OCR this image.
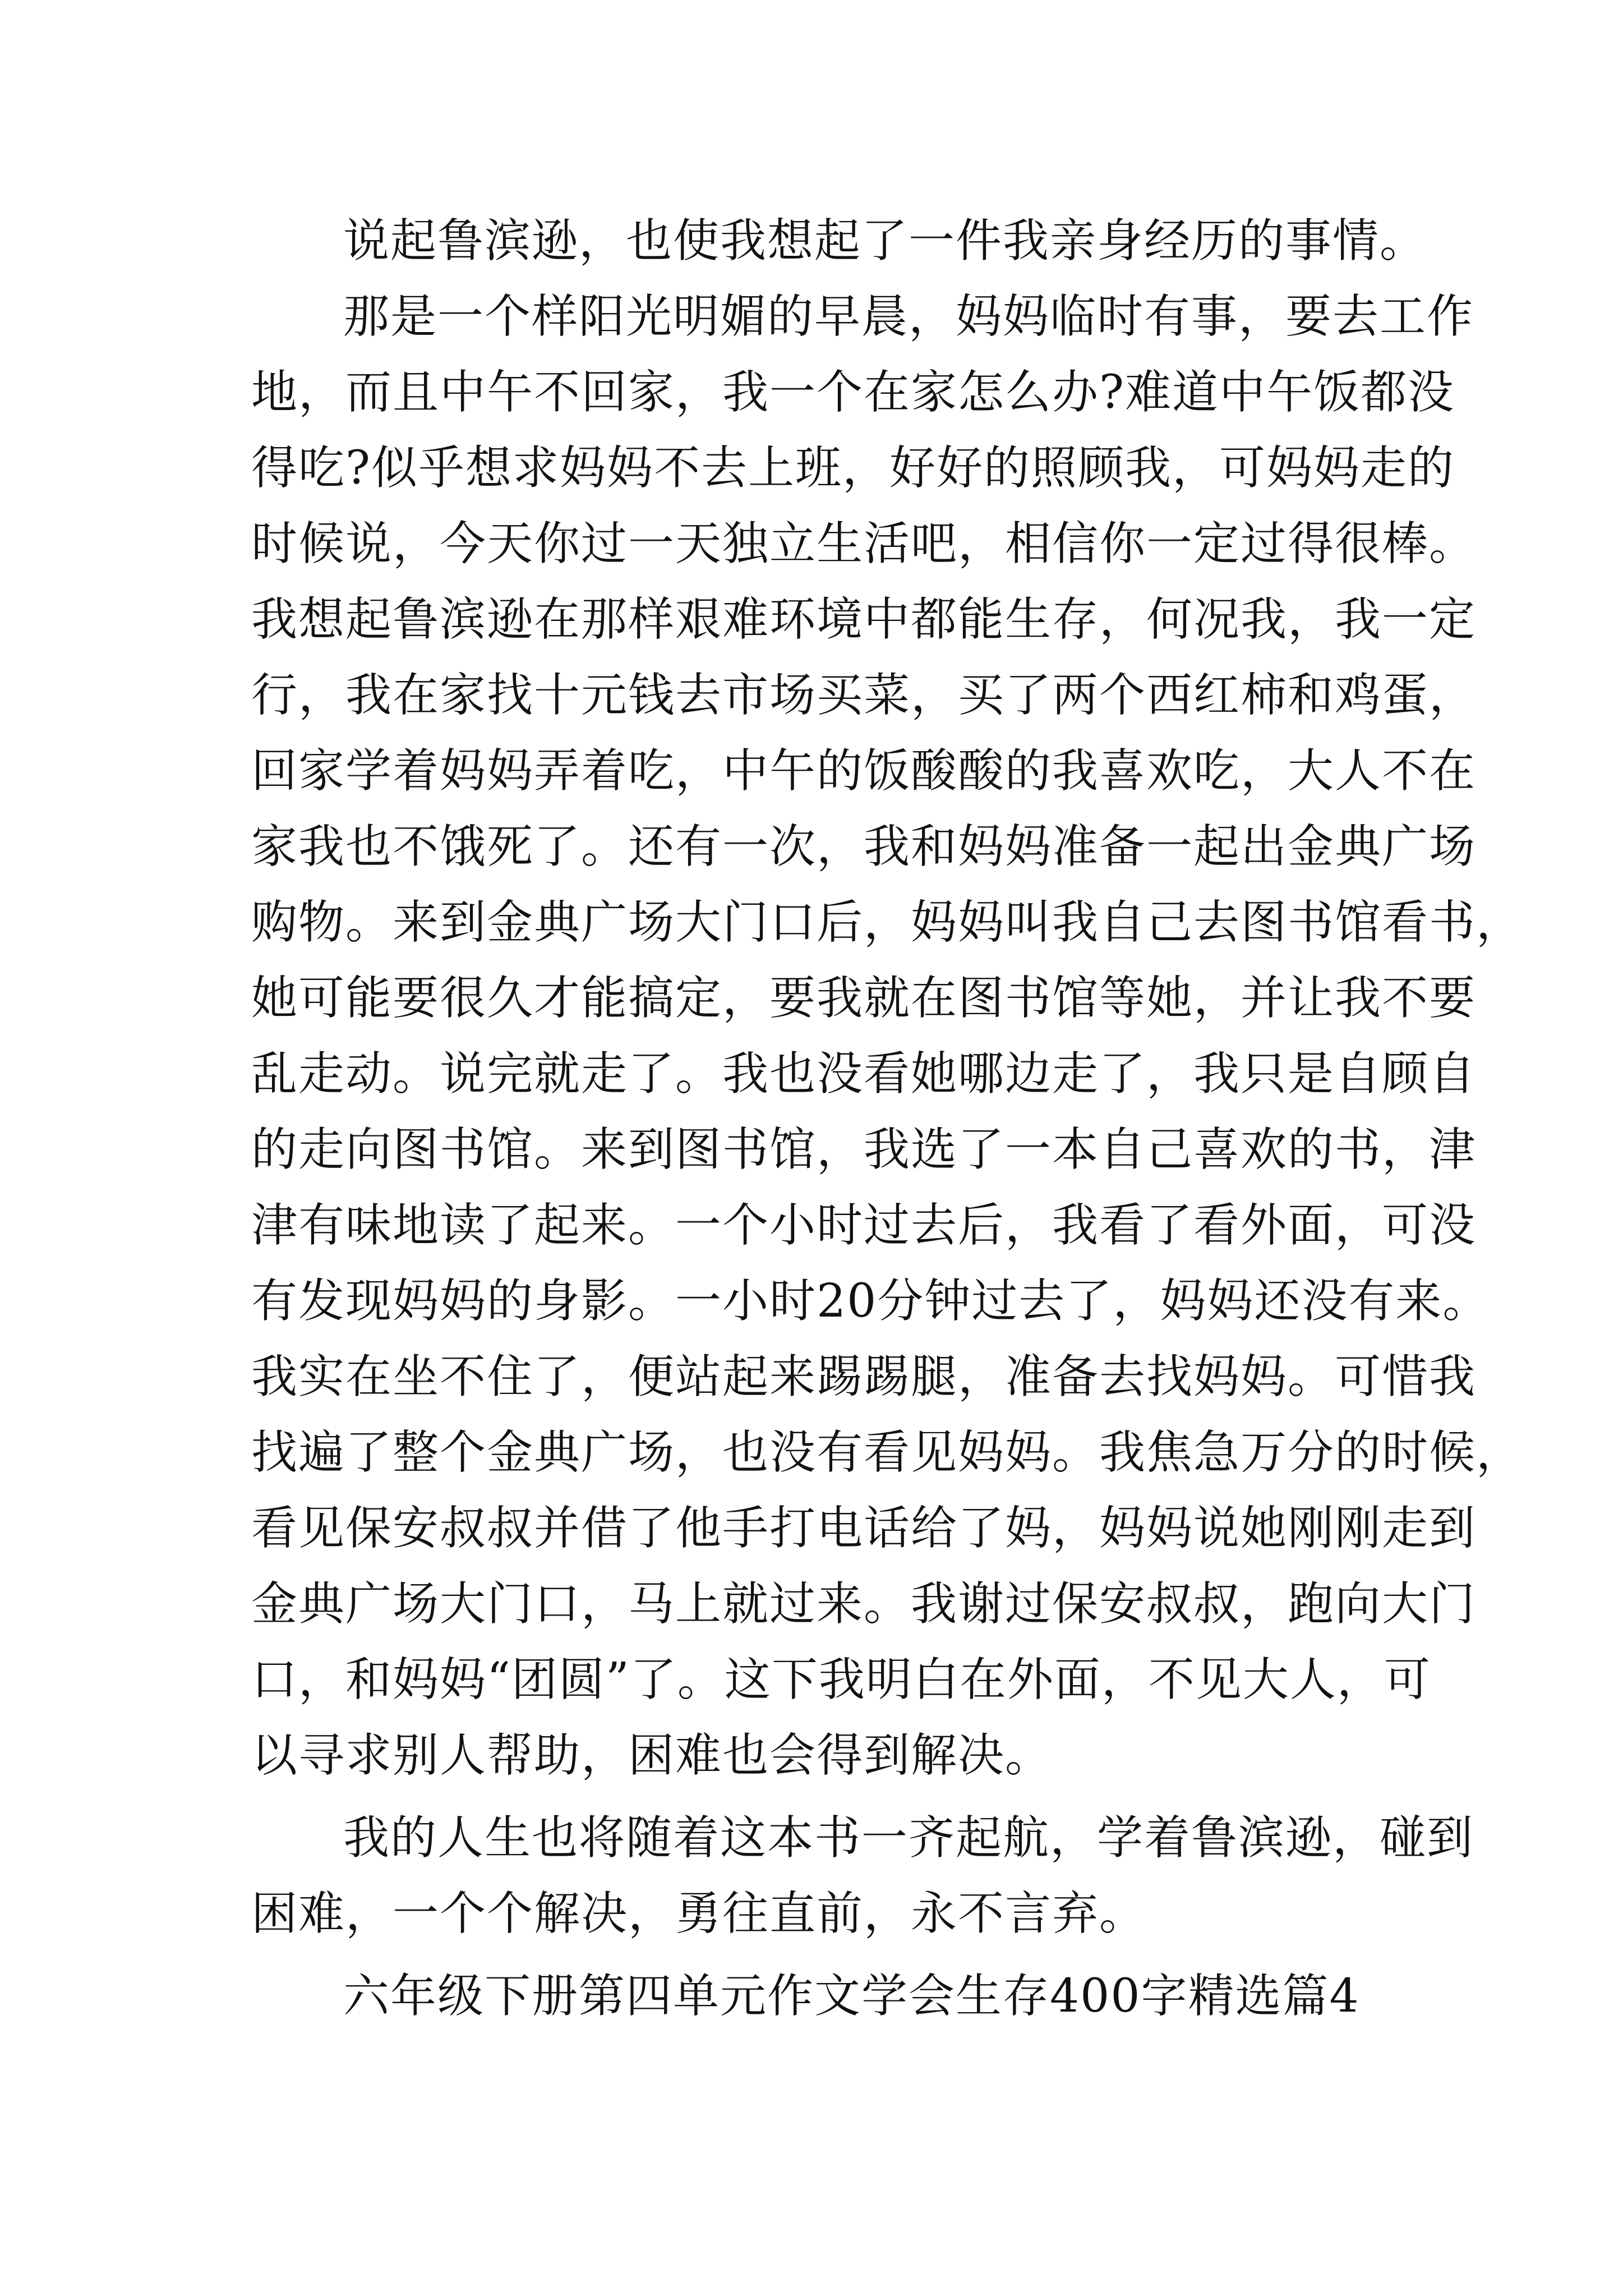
说起鲁滨逊，也使我想起了一件我亲身经历的事情。
那是一个样阳光明媚的早晨，妈妈临时有事，要去工作
地，而且中午不回家，我一个在家怎么办?难道中午饭都没
得吃?似乎想求妈妈不去上班，好好的照顾我，可妈妈走的
时候说，今天你过一天独立生活吧，相信你一定过得很棒。
我想起鲁滨逊在那样艰难环境中都能生存，何况我，我一定
行，我在家找十元钱去市场买菜，买了两个西红柿和鸡蛋，
回家学着妈妈弄着吃，中午的饭酸酸的我喜欢吃，大人不在
家我也不饿死了。还有一次，我和妈妈准备一起出金典广场
购物。来到金典广场大门口后，妈妈叫我自己去图书馆看书，
她可能要很久才能搞定，要我就在图书馆等她，并让我不要
乱走动。说完就走了。我也没看她哪边走了，我只是自顾自
的走向图书馆。来到图书馆，我选了一本自己喜欢的书，津
津有味地读了起来。一个小时过去后，我看了看外面，可没
有发现妈妈的身影。一小时20分钟过去了，妈妈还没有来。
我实在坐不住了，便站起来踢踢腿，准备去找妈妈。可惜我
找遍了整个金典广场，也没有看见妈妈。我焦急万分的时候，
看见保安叔叔并借了他手打电话给了妈，妈妈说她刚刚走到
金典广场大门口，马上就过来。我谢过保安叔叔，跑向大门
口，和妈妈“团圆”了。这下我明白在外面，不见大人，可
以寻求别人帮助，困难也会得到解决。
我的人生也将随着这本书一齐起航，学着鲁滨逊，碰到
困难，一个个解决，勇往直前，永不言弃。
六年级下册第四单元作文学会生存400字精选篇4
